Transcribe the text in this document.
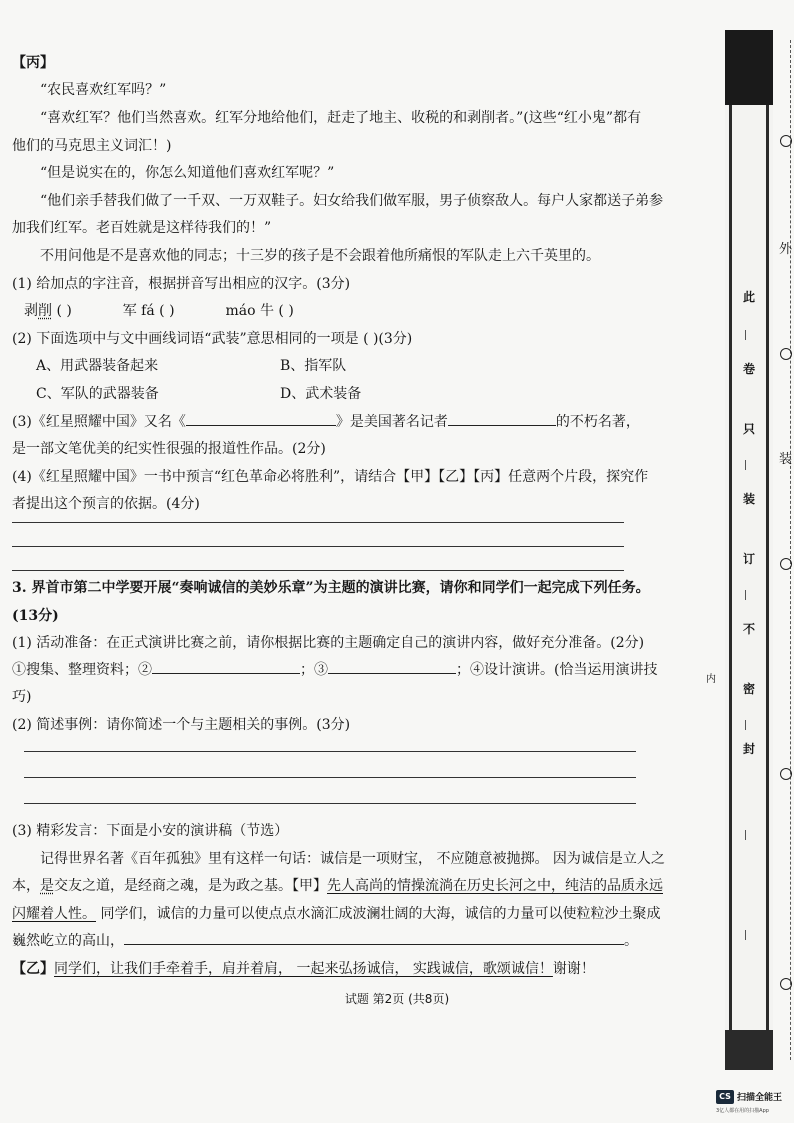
【丙】
“农民喜欢红军吗？”
“喜欢红军？他们当然喜欢。红军分地给他们，赶走了地主、收税的和剥削者。”(这些“红小鬼”都有
他们的马克思主义词汇！)
“但是说实在的，你怎么知道他们喜欢红军呢？”
“他们亲手替我们做了一千双、一万双鞋子。妇女给我们做军服，男子侦察敌人。每户人家都送子弟参
加我们红军。老百姓就是这样待我们的！”
不用问他是不是喜欢他的同志；十三岁的孩子是不会跟着他所痛恨的军队走上六千英里的。
(1) 给加点的字注音，根据拼音写出相应的汉字。(3分)
剥削 ( )	军 fá ( )	máo 牛 ( )
(2) 下面选项中与文中画线词语“武装”意思相同的一项是 ( )(3分)
A、用武器装备起来	B、指军队
C、军队的武器装备	D、武术装备
(3)《红星照耀中国》又名《	》是美国著名记者	的不朽名著，
是一部文笔优美的纪实性很强的报道性作品。(2分)
(4)《红星照耀中国》一书中预言“红色革命必将胜利”，请结合【甲】【乙】【丙】任意两个片段，探究作
者提出这个预言的依据。(4分)
3. 界首市第二中学要开展“奏响诚信的美妙乐章”为主题的演讲比赛，请你和同学们一起完成下列任务。
(13分)
(1) 活动准备：在正式演讲比赛之前，请你根据比赛的主题确定自己的演讲内容，做好充分准备。(2分)
①搜集、整理资料；②	；③	；④设计演讲。(恰当运用演讲技
巧)
(2) 简述事例：请你简述一个与主题相关的事例。(3分)
(3) 精彩发言：下面是小安的演讲稿（节选）
记得世界名著《百年孤独》里有这样一句话：诚信是一项财宝， 不应随意被抛掷。 因为诚信是立人之
本，是交友之道，是经商之魂，是为政之基。【甲】先人高尚的情操流淌在历史长河之中，纯洁的品质永远
闪耀着人性。 同学们，诚信的力量可以使点点水滴汇成波澜壮阔的大海，诚信的力量可以使粒粒沙土聚成
巍然屹立的高山，	。
【乙】同学们，让我们手牵着手，肩并着肩， 一起来弘扬诚信， 实践诚信，歌颂诚信！谢谢！
试题 第2页 (共8页)
此
卷
只
装
订
不
密
封
外
装
内
CS 扫描全能王
3亿人都在用的扫描App
